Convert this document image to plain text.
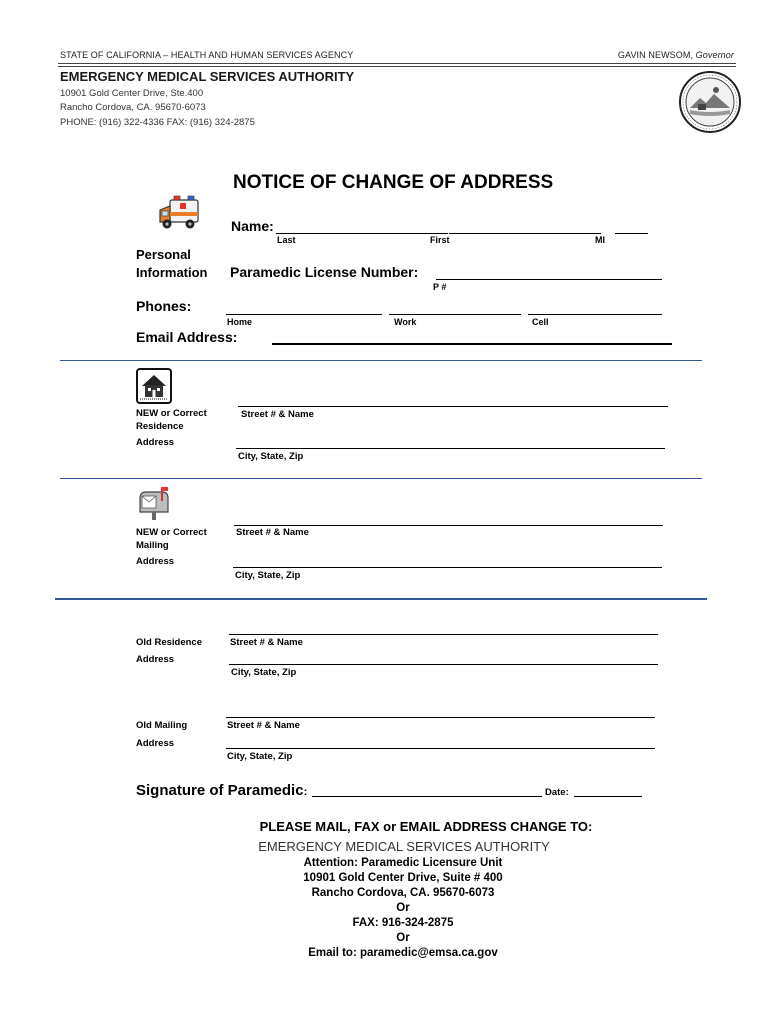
STATE OF CALIFORNIA – HEALTH AND HUMAN SERVICES AGENCY	GAVIN NEWSOM, Governor
EMERGENCY MEDICAL SERVICES AUTHORITY
10901 Gold Center Drive, Ste.400
Rancho Cordova, CA. 95670-6073
PHONE: (916) 322-4336 FAX: (916) 324-2875
NOTICE OF CHANGE OF ADDRESS
Name:
Last	First	MI
Personal
Information Paramedic License Number:
P #
Phones:
Home	Work	Cell
Email Address:
NEW or Correct
Residence
Address
Street # & Name
City, State, Zip
NEW or Correct
Mailing
Address
Street # & Name
City, State, Zip
Old Residence
Address
Street # & Name
City, State, Zip
Old Mailing
Address
Street # & Name
City, State, Zip
Signature of Paramedic:	Date:
PLEASE MAIL, FAX or EMAIL ADDRESS CHANGE TO:
EMERGENCY MEDICAL SERVICES AUTHORITY
Attention: Paramedic Licensure Unit
10901 Gold Center Drive, Suite # 400
Rancho Cordova, CA. 95670-6073
Or
FAX: 916-324-2875
Or
Email to: paramedic@emsa.ca.gov
